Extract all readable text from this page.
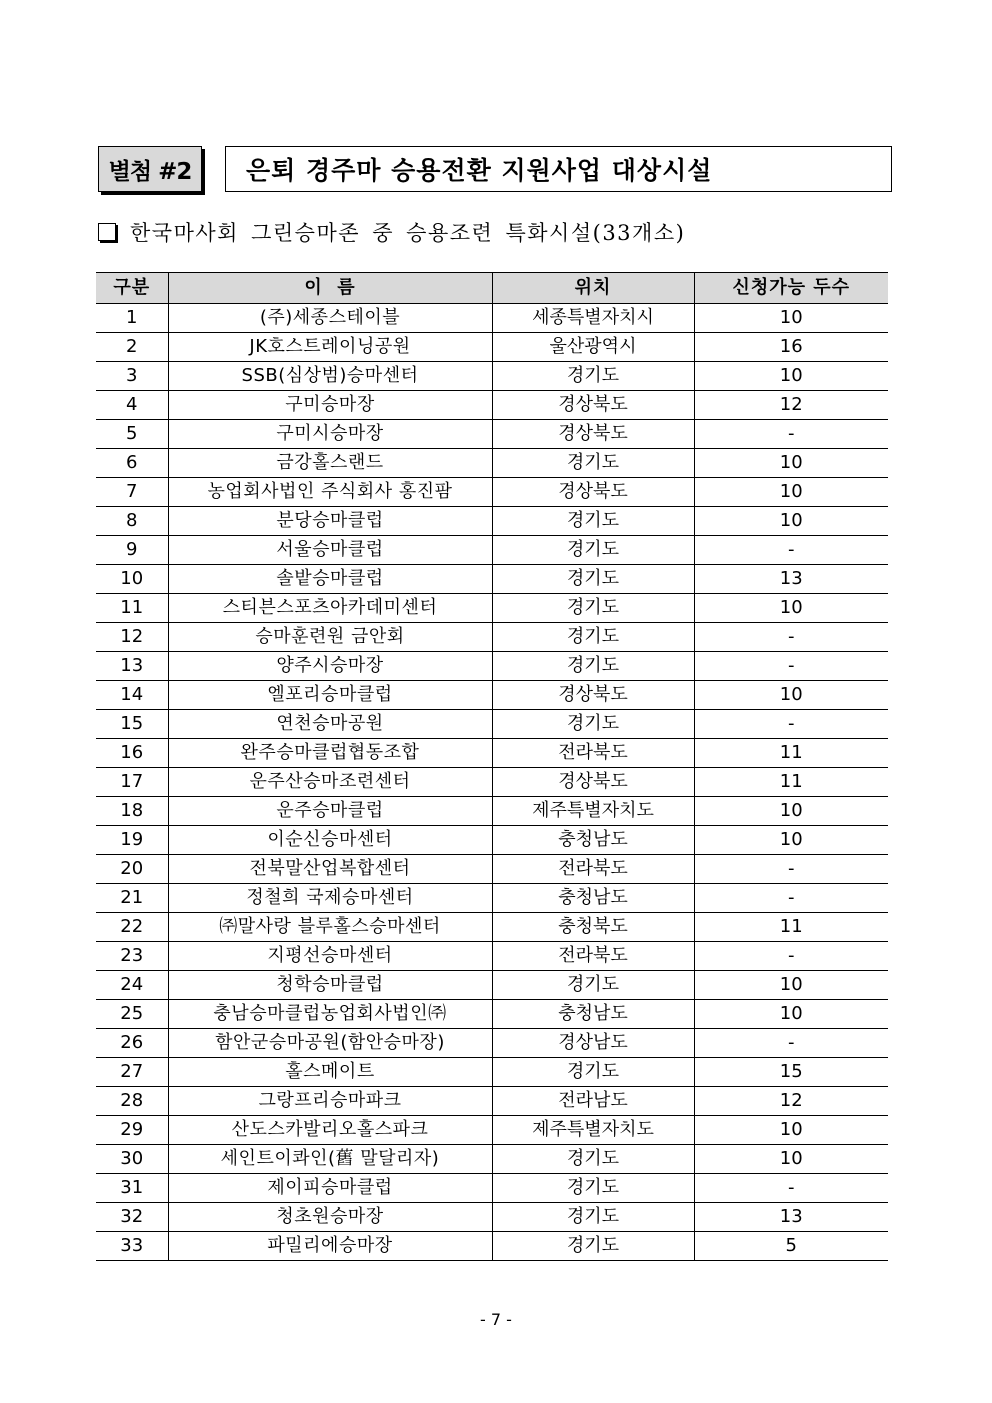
별첨 #2	은퇴 경주마 승용전환 지원사업 대상시설
한국마사회 그린승마존 중 승용조련 특화시설(33개소)
구분	이  름	위치	신청가능 두수
1	(주)세종스테이블	세종특별자치시	10
2	JK호스트레이닝공원	울산광역시	16
3	SSB(심상범)승마센터	경기도	10
4	구미승마장	경상북도	12
5	구미시승마장	경상북도	-
6	금강홀스랜드	경기도	10
7	농업회사법인 주식회사 홍진팜	경상북도	10
8	분당승마클럽	경기도	10
9	서울승마클럽	경기도	-
10	솔밭승마클럽	경기도	13
11	스티븐스포츠아카데미센터	경기도	10
12	승마훈련원 금안회	경기도	-
13	양주시승마장	경기도	-
14	엘포리승마클럽	경상북도	10
15	연천승마공원	경기도	-
16	완주승마클럽협동조합	전라북도	11
17	운주산승마조련센터	경상북도	11
18	운주승마클럽	제주특별자치도	10
19	이순신승마센터	충청남도	10
20	전북말산업복합센터	전라북도	-
21	정철희 국제승마센터	충청남도	-
22	㈜말사랑 블루홀스승마센터	충청북도	11
23	지평선승마센터	전라북도	-
24	청학승마클럽	경기도	10
25	충남승마클럽농업회사법인㈜	충청남도	10
26	함안군승마공원(함안승마장)	경상남도	-
27	홀스메이트	경기도	15
28	그랑프리승마파크	전라남도	12
29	산도스카발리오홀스파크	제주특별자치도	10
30	세인트이콰인(舊 말달리자)	경기도	10
31	제이피승마클럽	경기도	-
32	청초원승마장	경기도	13
33	파밀리에승마장	경기도	5
- 7 -
